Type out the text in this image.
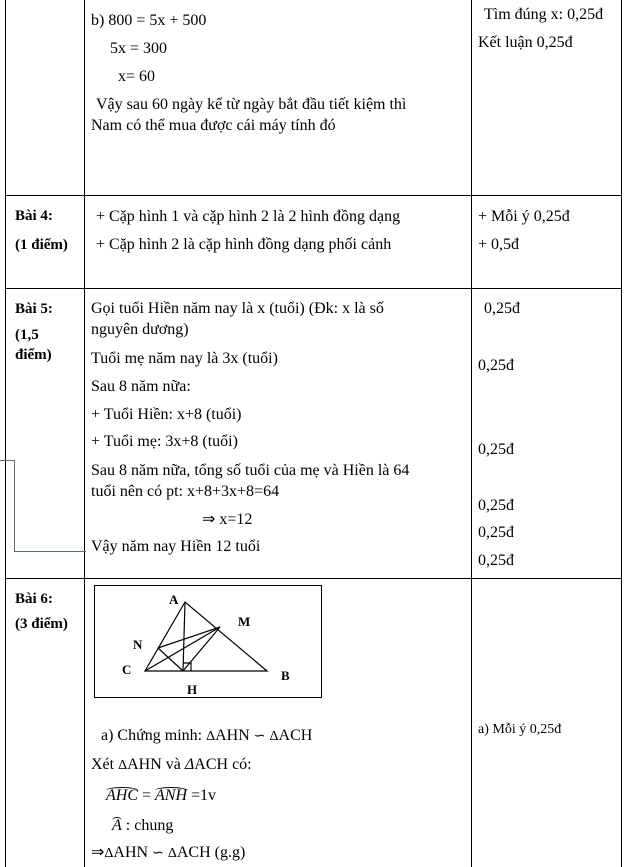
b) 800 = 5x + 500
5x = 300
x= 60
Vậy sau 60 ngày kể từ ngày bắt đầu tiết kiệm thì
Nam có thể mua được cái máy tính đó
Tìm đúng x: 0,25đ
Kết luận 0,25đ
Bài 4:
(1 điểm)
+ Cặp hình 1 và cặp hình 2 là 2 hình đồng dạng
+ Cặp hình 2 là cặp hình đồng dạng phối cảnh
+ Mỗi ý 0,25đ
+ 0,5đ
Bài 5:
(1,5
điểm)
Gọi tuổi Hiền năm nay là x (tuổi) (Đk: x là số
nguyên dương)
Tuổi mẹ năm nay là 3x (tuổi)
Sau 8 năm nữa:
+ Tuổi Hiền: x+8 (tuổi)
+ Tuổi mẹ: 3x+8 (tuổi)
Sau 8 năm nữa, tổng số tuổi của mẹ và Hiền là 64
tuổi nên có pt: x+8+3x+8=64
⇒ x=12
Vậy năm nay Hiền 12 tuổi
0,25đ
0,25đ
0,25đ
0,25đ
0,25đ
0,25đ
Bài 6:
(3 điểm)
A
M
N
C	B
H
a) Chứng minh: ΔAHN ∽ ΔACH
Xét ΔAHN và ΔACH có:
AHC = ANH =1v
A : chung
⇒ΔAHN ∽ ΔACH (g.g)
a) Mỗi ý 0,25đ
